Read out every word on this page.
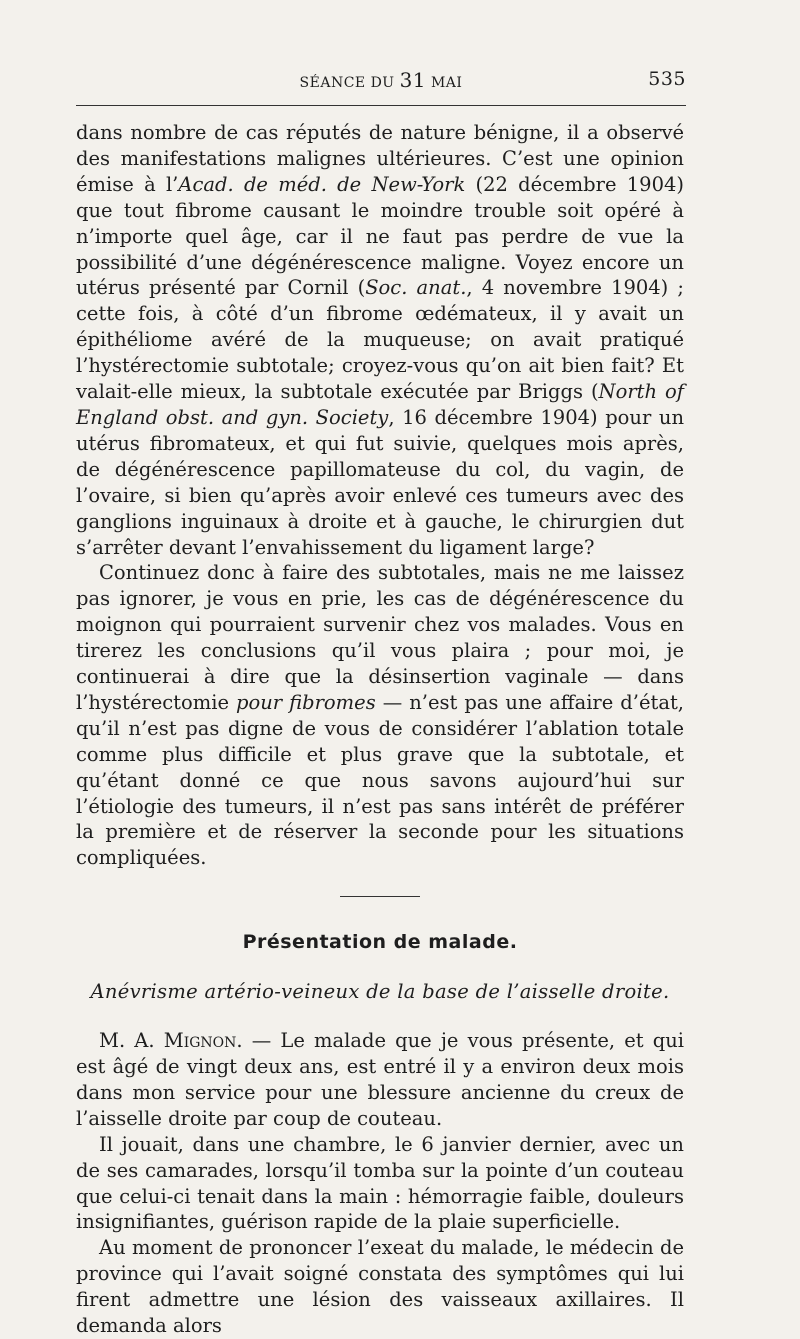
SÉANCE DU 31 MAI	535

dans nombre de cas réputés de nature bénigne, il a observé des manifestations malignes ultérieures. C’est une opinion émise à l’Acad. de méd. de New-York (22 décembre 1904) que tout fibrome causant le moindre trouble soit opéré à n’importe quel âge, car il ne faut pas perdre de vue la possibilité d’une dégénérescence maligne. Voyez encore un utérus présenté par Cornil (Soc. anat., 4 novembre 1904) ; cette fois, à côté d’un fibrome œdémateux, il y avait un épithéliome avéré de la muqueuse; on avait pratiqué l’hystérectomie subtotale; croyez-vous qu’on ait bien fait? Et valait-elle mieux, la subtotale exécutée par Briggs (North of England obst. and gyn. Society, 16 décembre 1904) pour un utérus fibromateux, et qui fut suivie, quelques mois après, de dégénérescence papillomateuse du col, du vagin, de l’ovaire, si bien qu’après avoir enlevé ces tumeurs avec des ganglions inguinaux à droite et à gauche, le chirurgien dut s’arrêter devant l’envahissement du ligament large?

Continuez donc à faire des subtotales, mais ne me laissez pas ignorer, je vous en prie, les cas de dégénérescence du moignon qui pourraient survenir chez vos malades. Vous en tirerez les conclusions qu’il vous plaira ; pour moi, je continuerai à dire que la désinsertion vaginale — dans l’hystérectomie pour fibromes — n’est pas une affaire d’état, qu’il n’est pas digne de vous de considérer l’ablation totale comme plus difficile et plus grave que la subtotale, et qu’étant donné ce que nous savons aujourd’hui sur l’étiologie des tumeurs, il n’est pas sans intérêt de préférer la première et de réserver la seconde pour les situations compliquées.

Présentation de malade.
Anévrisme artério-veineux de la base de l’aisselle droite.

M. A. Mignon. — Le malade que je vous présente, et qui est âgé de vingt deux ans, est entré il y a environ deux mois dans mon service pour une blessure ancienne du creux de l’aisselle droite par coup de couteau.

Il jouait, dans une chambre, le 6 janvier dernier, avec un de ses camarades, lorsqu’il tomba sur la pointe d’un couteau que celui-ci tenait dans la main : hémorragie faible, douleurs insignifiantes, guérison rapide de la plaie superficielle.

Au moment de prononcer l’exeat du malade, le médecin de province qui l’avait soigné constata des symptômes qui lui firent admettre une lésion des vaisseaux axillaires. Il demanda alors
